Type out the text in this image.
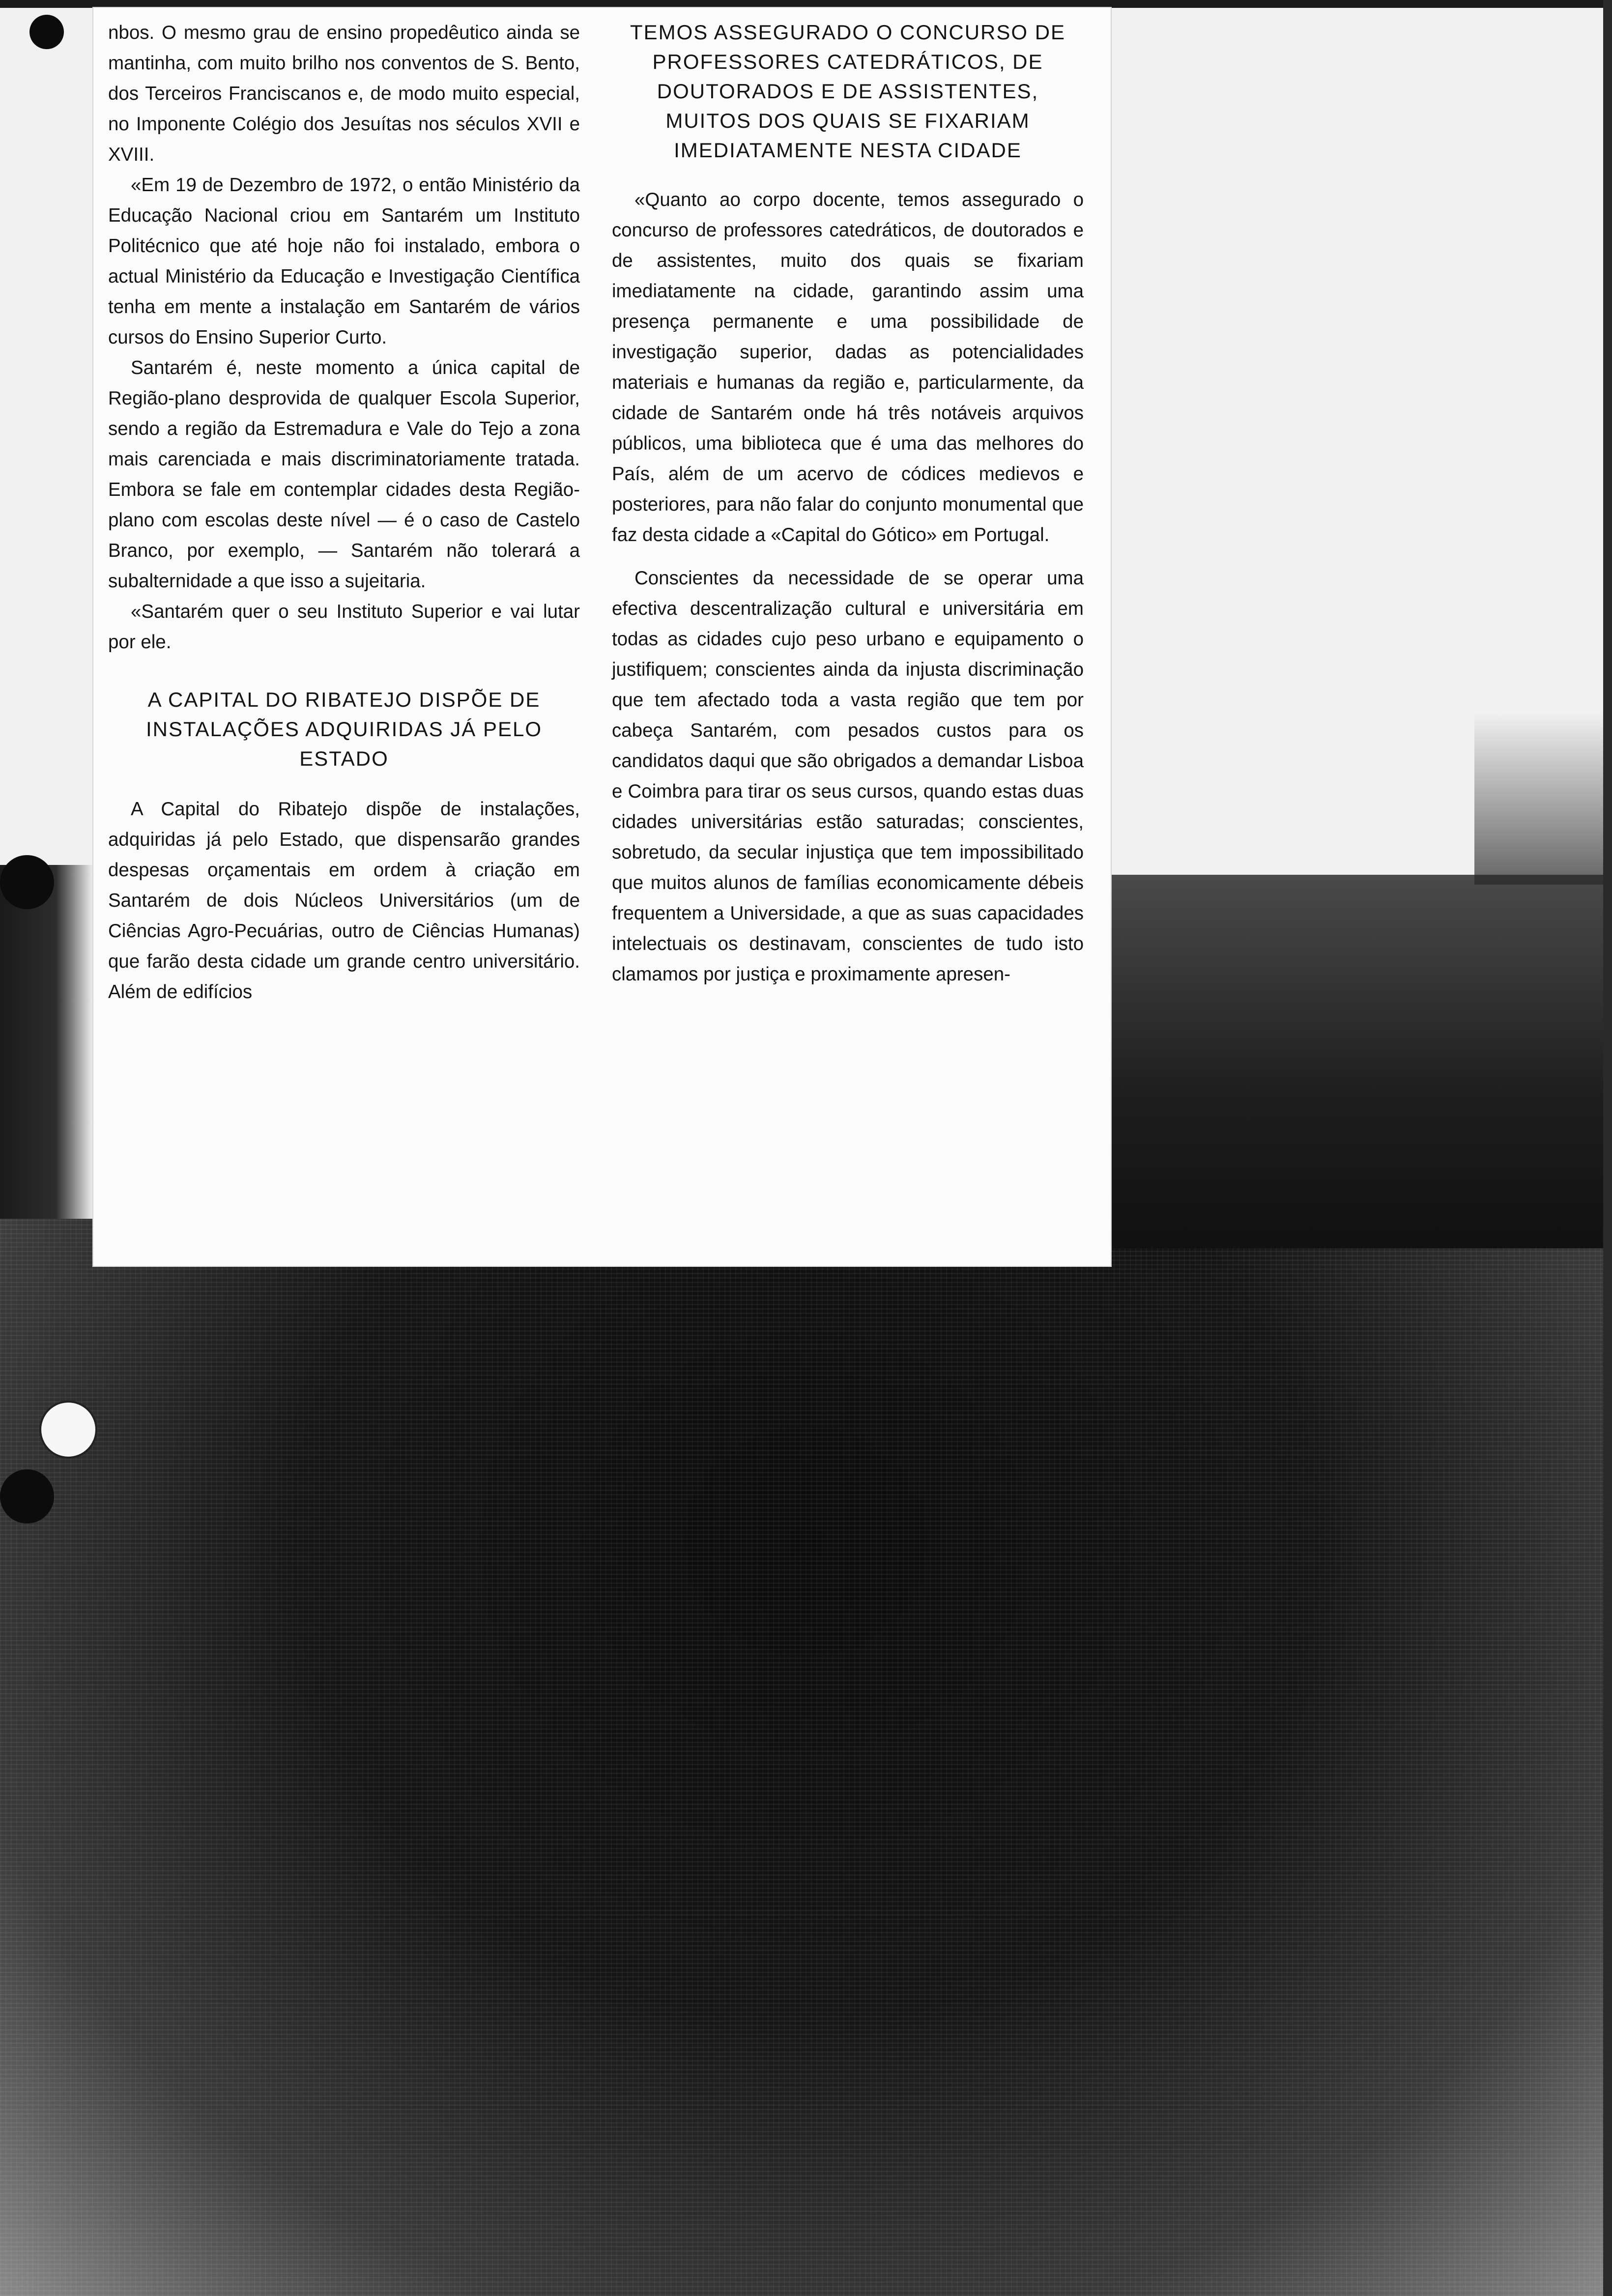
nbos. O mesmo grau de ensino propedêutico ainda se mantinha, com muito brilho nos conventos de S. Bento, dos Terceiros Franciscanos e, de modo muito especial, no Imponente Colégio dos Jesuítas nos séculos XVII e XVIII.

«Em 19 de Dezembro de 1972, o então Ministério da Educação Nacional criou em Santarém um Instituto Politécnico que até hoje não foi instalado, embora o actual Ministério da Educação e Investigação Científica tenha em mente a instalação em Santarém de vários cursos do Ensino Superior Curto.

Santarém é, neste momento a única capital de Região-plano desprovida de qualquer Escola Superior, sendo a região da Estremadura e Vale do Tejo a zona mais carenciada e mais discriminatoriamente tratada. Embora se fale em contemplar cidades desta Região-plano com escolas deste nível — é o caso de Castelo Branco, por exemplo, — Santarém não tolerará a subalternidade a que isso a sujeitaria.

«Santarém quer o seu Instituto Superior e vai lutar por ele.

A CAPITAL DO RIBATEJO DISPÕE DE INSTALAÇÕES ADQUIRIDAS JÁ PELO ESTADO

A Capital do Ribatejo dispõe de instalações, adquiridas já pelo Estado, que dispensarão grandes despesas orçamentais em ordem à criação em Santarém de dois Núcleos Universitários (um de Ciências Agro-Pecuárias, outro de Ciências Humanas) que farão desta cidade um grande centro universitário. Além de edifícios

TEMOS ASSEGURADO O CONCURSO DE PROFESSORES CATEDRÁTICOS, DE DOUTORADOS E DE ASSISTENTES, MUITOS DOS QUAIS SE FIXARIAM IMEDIATAMENTE NESTA CIDADE

«Quanto ao corpo docente, temos assegurado o concurso de professores catedráticos, de doutorados e de assistentes, muito dos quais se fixariam imediatamente na cidade, garantindo assim uma presença permanente e uma possibilidade de investigação superior, dadas as potencialidades materiais e humanas da região e, particularmente, da cidade de Santarém onde há três notáveis arquivos públicos, uma biblioteca que é uma das melhores do País, além de um acervo de códices medievos e posteriores, para não falar do conjunto monumental que faz desta cidade a «Capital do Gótico» em Portugal.

Conscientes da necessidade de se operar uma efectiva descentralização cultural e universitária em todas as cidades cujo peso urbano e equipamento o justifiquem; conscientes ainda da injusta discriminação que tem afectado toda a vasta região que tem por cabeça Santarém, com pesados custos para os candidatos daqui que são obrigados a demandar Lisboa e Coimbra para tirar os seus cursos, quando estas duas cidades universitárias estão saturadas; conscientes, sobretudo, da secular injustiça que tem impossibilitado que muitos alunos de famílias economicamente débeis frequentem a Universidade, a que as suas capacidades intelectuais os destinavam, conscientes de tudo isto clamamos por justiça e proximamente apresen-
